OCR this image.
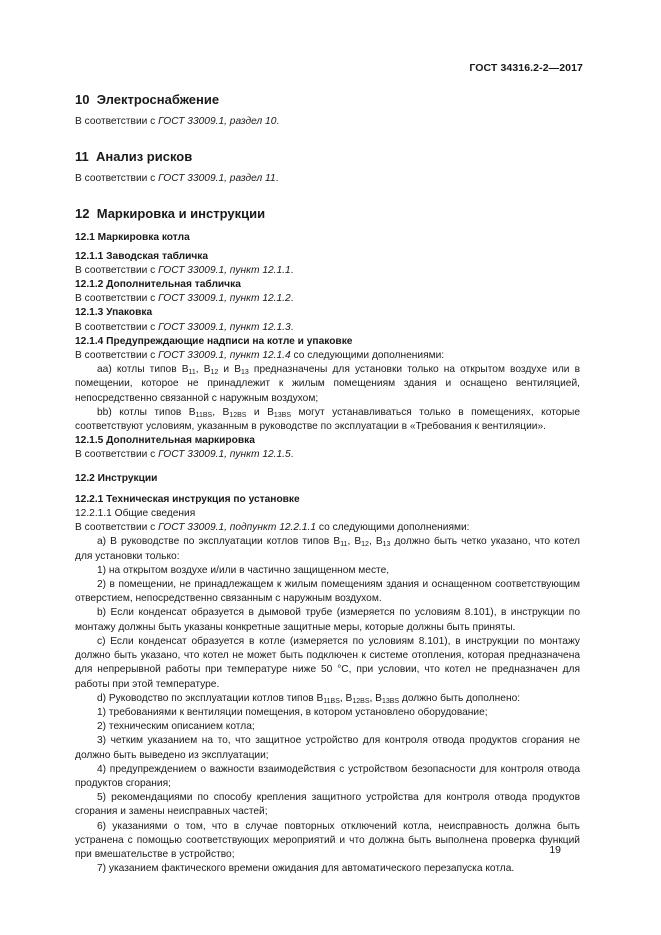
ГОСТ 34316.2-2—2017
10 Электроснабжение

В соответствии с ГОСТ 33009.1, раздел 10.

11 Анализ рисков

В соответствии с ГОСТ 33009.1, раздел 11.

12 Маркировка и инструкции

12.1 Маркировка котла

12.1.1 Заводская табличка

В соответствии с ГОСТ 33009.1, пункт 12.1.1.

12.1.2 Дополнительная табличка

В соответствии с ГОСТ 33009.1, пункт 12.1.2.

12.1.3 Упаковка

В соответствии с ГОСТ 33009.1, пункт 12.1.3.

12.1.4 Предупреждающие надписи на котле и упаковке

В соответствии с ГОСТ 33009.1, пункт 12.1.4 со следующими дополнениями:

аа) котлы типов $B_{11}$, $B_{12}$ и $B_{13}$ предназначены для установки только на открытом воздухе или в помещении, которое не принадлежит к жилым помещениям здания и оснащено вентиляцией, непосредственно связанной с наружным воздухом;

bb) котлы типов $B_{11BS}$, $B_{12BS}$ и $B_{13BS}$ могут устанавливаться только в помещениях, которые соответствуют условиям, указанным в руководстве по эксплуатации в «Требования к вентиляции».

12.1.5 Дополнительная маркировка

В соответствии с ГОСТ 33009.1, пункт 12.1.5.

12.2 Инструкции

12.2.1 Техническая инструкция по установке

12.2.1.1 Общие сведения

В соответствии с ГОСТ 33009.1, подпункт 12.2.1.1 со следующими дополнениями:

а) В руководстве по эксплуатации котлов типов $B_{11}$, $B_{12}$, $B_{13}$ должно быть четко указано, что котел для установки только:

1) на открытом воздухе и/или в частично защищенном месте,

2) в помещении, не принадлежащем к жилым помещениям здания и оснащенном соответствующим отверстием, непосредственно связанным с наружным воздухом.

b) Если конденсат образуется в дымовой трубе (измеряется по условиям 8.101), в инструкции по монтажу должны быть указаны конкретные защитные меры, которые должны быть приняты.

с) Если конденсат образуется в котле (измеряется по условиям 8.101), в инструкции по монтажу должно быть указано, что котел не может быть подключен к системе отопления, которая предназначена для непрерывной работы при температуре ниже 50 °С, при условии, что котел не предназначен для работы при этой температуре.

d) Руководство по эксплуатации котлов типов $B_{11BS}$, $B_{12BS}$, $B_{13BS}$ должно быть дополнено:

1) требованиями к вентиляции помещения, в котором установлено оборудование;

2) техническим описанием котла;

3) четким указанием на то, что защитное устройство для контроля отвода продуктов сгорания не должно быть выведено из эксплуатации;

4) предупреждением о важности взаимодействия с устройством безопасности для контроля отвода продуктов сгорания;

5) рекомендациями по способу крепления защитного устройства для контроля отвода продуктов сгорания и замены неисправных частей;

6) указаниями о том, что в случае повторных отключений котла, неисправность должна быть устранена с помощью соответствующих мероприятий и что должна быть выполнена проверка функций при вмешательстве в устройство;

7) указанием фактического времени ожидания для автоматического перезапуска котла.

19
